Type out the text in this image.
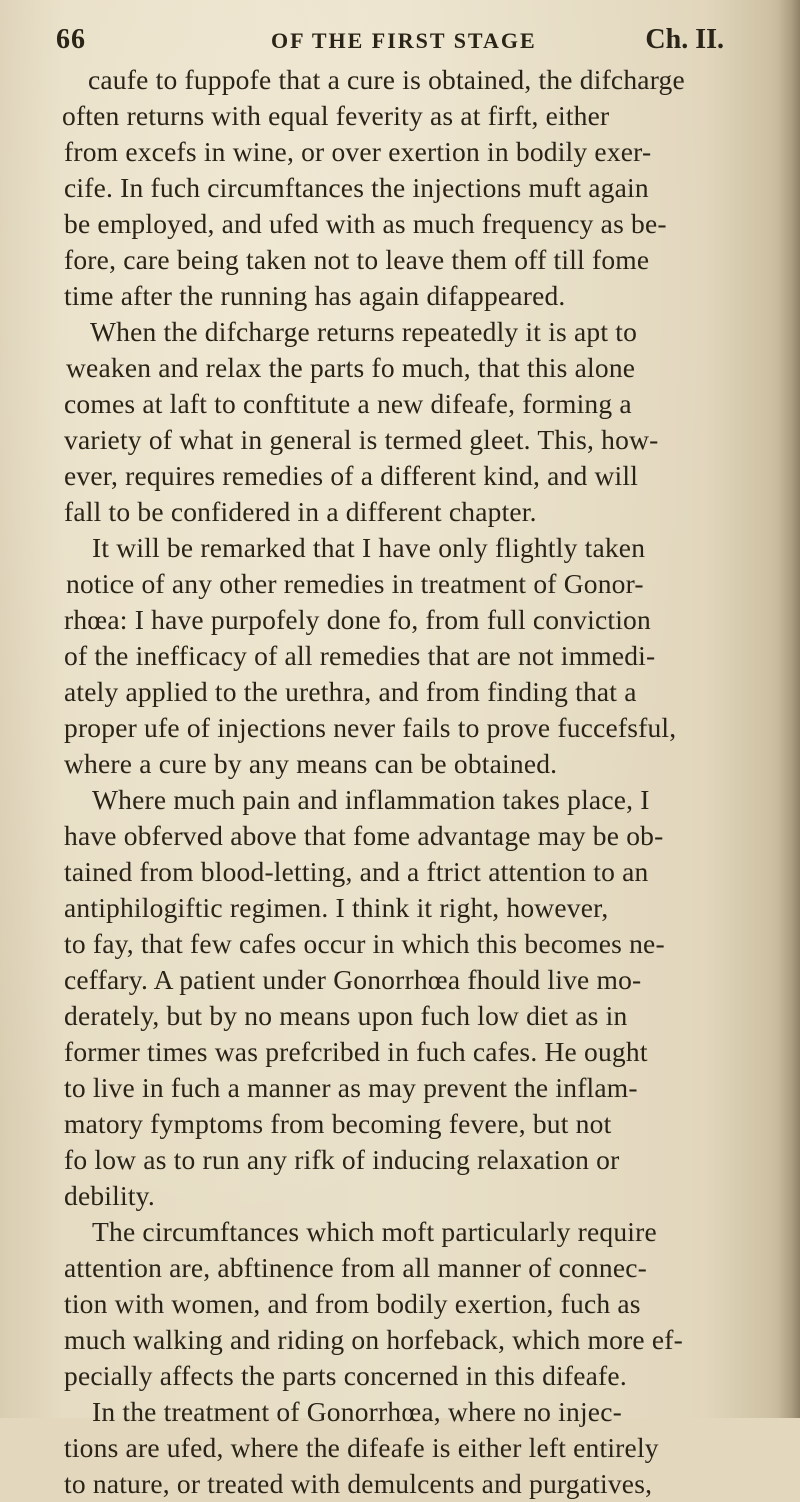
66	OF THE FIRST STAGE	Ch. II.
caufe to fuppofe that a cure is obtained, the difcharge
often returns with equal feverity as at firft, either
from excefs in wine, or over exertion in bodily exer-
cife. In fuch circumftances the injections muft again
be employed, and ufed with as much frequency as be-
fore, care being taken not to leave them off till fome
time after the running has again difappeared.
When the difcharge returns repeatedly it is apt to
weaken and relax the parts fo much, that this alone
comes at laft to conftitute a new difeafe, forming a
variety of what in general is termed gleet. This, how-
ever, requires remedies of a different kind, and will
fall to be confidered in a different chapter.
It will be remarked that I have only flightly taken
notice of any other remedies in treatment of Gonor-
rhœa: I have purpofely done fo, from full conviction
of the inefficacy of all remedies that are not immedi-
ately applied to the urethra, and from finding that a
proper ufe of injections never fails to prove fuccefsful,
where a cure by any means can be obtained.
Where much pain and inflammation takes place, I
have obferved above that fome advantage may be ob-
tained from blood-letting, and a ftrict attention to an
antiphilogiftic regimen. I think it right, however,
to fay, that few cafes occur in which this becomes ne-
ceffary. A patient under Gonorrhœa fhould live mo-
derately, but by no means upon fuch low diet as in
former times was prefcribed in fuch cafes. He ought
to live in fuch a manner as may prevent the inflam-
matory fymptoms from becoming fevere, but not
fo low as to run any rifk of inducing relaxation or
debility.
The circumftances which moft particularly require
attention are, abftinence from all manner of connec-
tion with women, and from bodily exertion, fuch as
much walking and riding on horfeback, which more ef-
pecially affects the parts concerned in this difeafe.
In the treatment of Gonorrhœa, where no injec-
tions are ufed, where the difeafe is either left entirely
to nature, or treated with demulcents and purgatives,
